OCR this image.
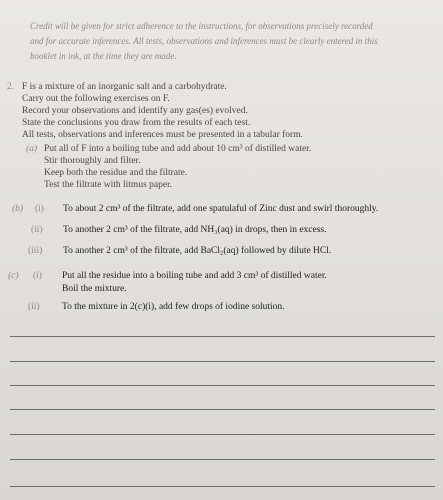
Credit will be given for strict adherence to the instructions, for observations precisely recorded
and for accurate inferences. All tests, observations and inferences must be clearly entered in this
booklet in ink, at the time they are made.
2. F is a mixture of an inorganic salt and a carbohydrate.
Carry out the following exercises on F.
Record your observations and identify any gas(es) evolved.
State the conclusions you draw from the results of each test.
All tests, observations and inferences must be presented in a tabular form.
(a) Put all of F into a boiling tube and add about 10 cm³ of distilled water.
Stir thoroughly and filter.
Keep both the residue and the filtrate.
Test the filtrate with litmus paper.
(b) (i) To about 2 cm³ of the filtrate, add one spatulaful of Zinc dust and swirl thoroughly.
(ii) To another 2 cm³ of the filtrate, add NH₃(aq) in drops, then in excess.
(iii) To another 2 cm³ of the filtrate, add BaCl₂(aq) followed by dilute HCl.
(c) (i) Put all the residue into a boiling tube and add 3 cm³ of distilled water.
Boil the mixture.
(ii) To the mixture in 2(c)(i), add few drops of iodine solution.
